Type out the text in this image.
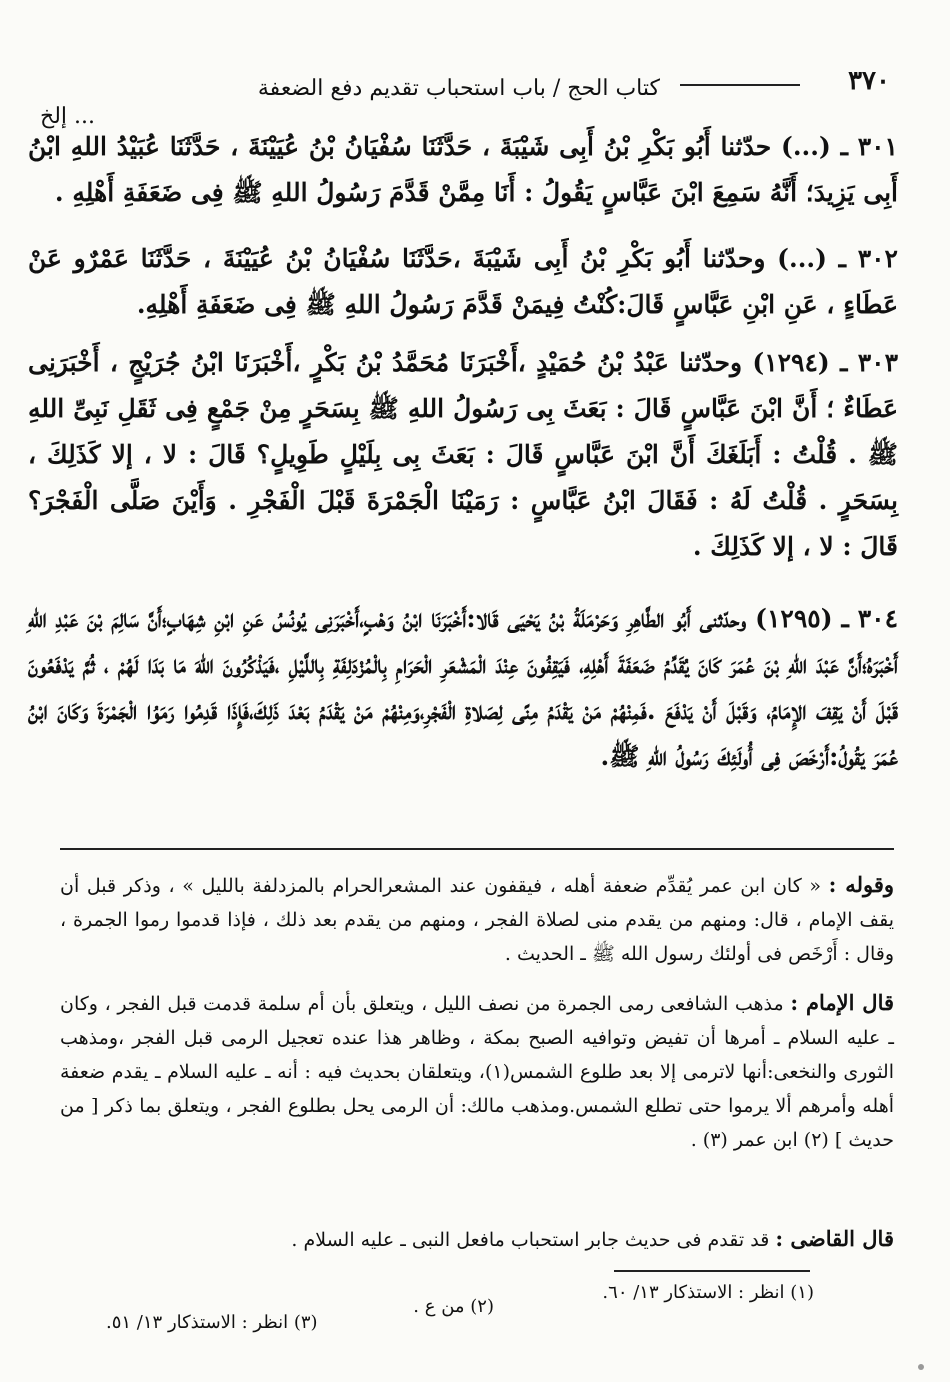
٣٧٠
كتاب الحج / باب استحباب تقديم دفع الضعفة
... إلخ

٣٠١ ـ (...) حدّثنا أَبُو بَكْرِ بْنُ أَبِى شَيْبَةَ ، حَدَّثَنَا سُفْيَانُ بْنُ عُيَيْنَةَ ، حَدَّثَنَا عُبَيْدُ اللهِ ابْنُ أَبِى يَزِيدَ؛ أَنَّهُ سَمِعَ ابْنَ عَبَّاسٍ يَقُولُ : أَنَا مِمَّنْ قَدَّمَ رَسُولُ اللهِ ﷺ فِى ضَعَفَةِ أَهْلِهِ .

٣٠٢ ـ (...) وحدّثنا أَبُو بَكْرِ بْنُ أَبِى شَيْبَةَ ،حَدَّثَنَا سُفْيَانُ بْنُ عُيَيْنَةَ ، حَدَّثَنَا عَمْرٌو عَنْ عَطَاءٍ ، عَنِ ابْنِ عَبَّاسٍ قَالَ:كُنْتُ فِيمَنْ قَدَّمَ رَسُولُ اللهِ ﷺ فِى ضَعَفَةِ أَهْلِهِ.

٣٠٣ ـ (١٢٩٤) وحدّثنا عَبْدُ بْنُ حُمَيْدٍ ،أَخْبَرَنَا مُحَمَّدُ بْنُ بَكْرٍ ،أَخْبَرَنَا ابْنُ جُرَيْجٍ ، أَخْبَرَنِى عَطَاءٌ ؛ أَنَّ ابْنَ عَبَّاسٍ قَالَ : بَعَثَ بِى رَسُولُ اللهِ ﷺ بِسَحَرٍ مِنْ جَمْعٍ فِى ثَقَلِ نَبِىِّ اللهِ ﷺ . قُلْتُ : أَبَلَغَكَ أَنَّ ابْنَ عَبَّاسٍ قَالَ : بَعَثَ بِى بِلَيْلٍ طَوِيلٍ؟ قَالَ : لا ، إلا كَذَلِكَ ، بِسَحَرٍ . قُلْتُ لَهُ : فَقَالَ ابْنُ عَبَّاسٍ : رَمَيْنَا الْجَمْرَةَ قَبْلَ الْفَجْرِ . وَأَيْنَ صَلَّى الْفَجْرَ؟ قَالَ : لا ، إلا كَذَلِكَ .

٣٠٤ ـ (١٢٩٥) وحدّثنى أَبُو الطَّاهِرِ وَحَرْمَلَةُ بْنُ يَحْيَى قَالا:أَخْبَرَنَا ابْنُ وَهْبٍ،أَخْبَرَنِى يُونُسُ عَنِ ابْنِ شِهَابٍ؛أَنَّ سَالِمَ بْنَ عَبْدِ اللهِ أَخْبَرَهُ؛أَنَّ عَبْدَ اللهِ بْنَ عُمَرَ كَانَ يُقَدِّمُ ضَعَفَةَ أَهْلِهِ، فَيَقِفُونَ عِنْدَ الْمَشْعَرِ الْحَرَامِ بِالْمُزْدَلِفَةِ بِاللَّيْلِ ،فَيَذْكُرُونَ اللهَ مَا بَدَا لَهُمْ ، ثُمَّ يَدْفَعُونَ قَبْلَ أَنْ يَقِفَ الإِمَامُ، وَقَبْلَ أَنْ يَدْفَعَ .فَمِنْهُمْ مَنْ يَقْدَمُ مِنًى لِصَلاةِ الْفَجْرِ،وَمِنْهُمْ مَنْ يَقْدَمُ بَعْدَ ذَلِكَ،فَإِذَا قَدِمُوا رَمَوُا الْجَمْرَةَ وَكَانَ ابْنُ عُمَرَ يَقُولُ:أَرْخَصَ فِى أُولَئِكَ رَسُولُ اللهِ ﷺ.

وقوله : « كان ابن عمر يُقدِّم ضعفة أهله ، فيقفون عند المشعرالحرام بالمزدلفة بالليل » ، وذكر قبل أن يقف الإمام ، قال: ومنهم من يقدم منى لصلاة الفجر ، ومنهم من يقدم بعد ذلك ، فإذا قدموا رموا الجمرة ، وقال : أَرْخَص فى أولئك رسول الله ﷺ ـ الحديث .

قال الإمام : مذهب الشافعى رمى الجمرة من نصف الليل ، ويتعلق بأن أم سلمة قدمت قبل الفجر ، وكان ـ عليه السلام ـ أمرها أن تفيض وتوافيه الصبح بمكة ، وظاهر هذا عنده تعجيل الرمى قبل الفجر ،ومذهب الثورى والنخعى:أنها لاترمى إلا بعد طلوع الشمس(١)، ويتعلقان بحديث فيه : أنه ـ عليه السلام ـ يقدم ضعفة أهله وأمرهم ألا يرموا حتى تطلع الشمس.ومذهب مالك: أن الرمى يحل بطلوع الفجر ، ويتعلق بما ذكر [ من حديث ] (٢) ابن عمر (٣) .

قال القاضى : قد تقدم فى حديث جابر استحباب مافعل النبى ـ عليه السلام .

(١) انظر : الاستذكار ١٣/ ٦٠.
(٢) من ع .
(٣) انظر : الاستذكار ١٣/ ٥١.
